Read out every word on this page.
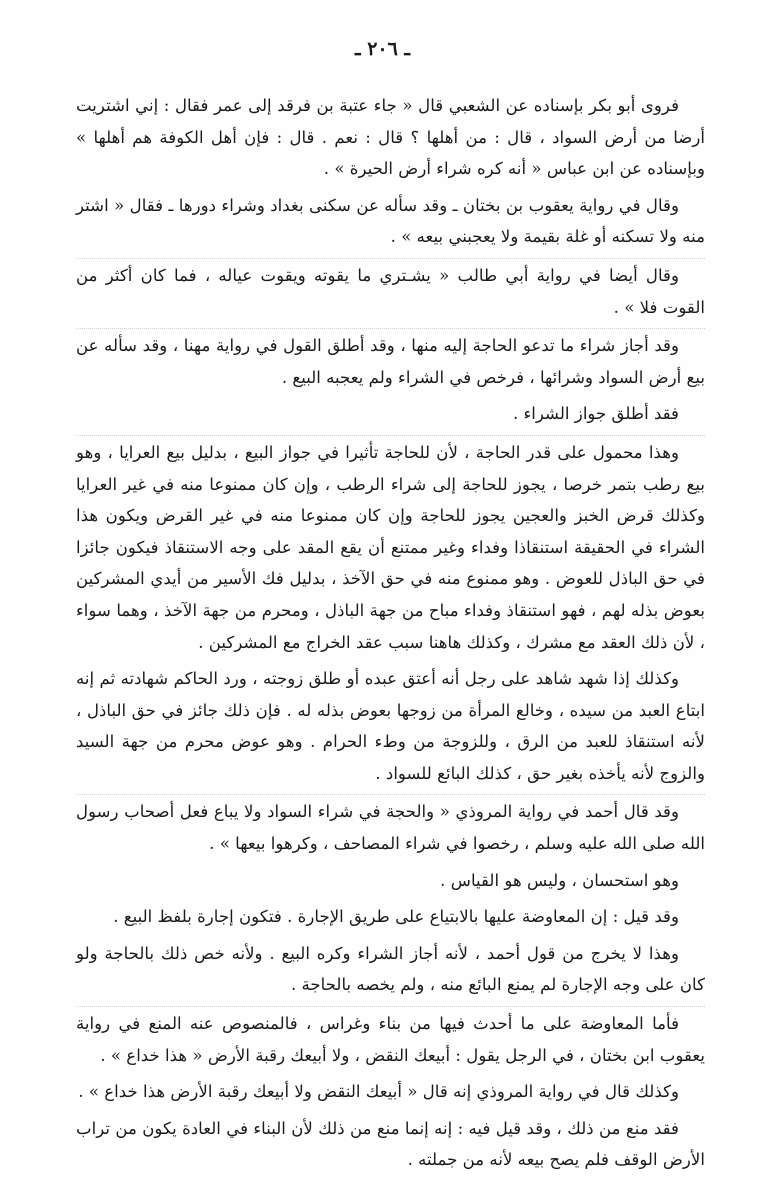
ـ ٢٠٦ ـ

فروى أبو بكر بإسناده عن الشعبي قال « جاء عتبة بن فرقد إلى عمر فقال : إني اشتريت أرضا من أرض السواد ، قال : من أهلها ؟ قال : نعم . قال : فإن أهل الكوفة هم أهلها » وبإسناده عن ابن عباس « أنه كره شراء أرض الحيرة » .

وقال في رواية يعقوب بن بختان ـ وقد سأله عن سكنى بغداد وشراء دورها ـ فقال « اشتر منه ولا تسكنه أو غلة بقيمة ولا يعجبني بيعه » .

وقال أيضا في رواية أبي طالب « يشـتري ما يقوته ويقوت عياله ، فما كان أكثر من القوت فلا » .

وقد أجاز شراء ما تدعو الحاجة إليه منها ، وقد أطلق القول في رواية مهنا ، وقد سأله عن بيع أرض السواد وشرائها ، فرخص في الشراء ولم يعجبه البيع .

فقد أطلق جواز الشراء .

وهذا محمول على قدر الحاجة ، لأن للحاجة تأثيرا في جواز البيع ، بدليل بيع العرايا ، وهو بيع رطب بتمر خرصا ، يجوز للحاجة إلى شراء الرطب ، وإن كان ممنوعا منه في غير العرايا وكذلك قرض الخبز والعجين يجوز للحاجة وإن كان ممنوعا منه في غير القرض ويكون هذا الشراء في الحقيقة استنقاذا وفداء وغير ممتنع أن يقع المقد على وجه الاستنقاذ فيكون جائزا في حق الباذل للعوض . وهو ممنوع منه في حق الآخذ ، بدليل فك الأسير من أيدي المشركين بعوض بذله لهم ، فهو استنقاذ وفداء مباح من جهة الباذل ، ومحرم من جهة الآخذ ، وهما سواء ، لأن ذلك العقد مع مشرك ، وكذلك هاهنا سبب عقد الخراج مع المشركين .

وكذلك إذا شهد شاهد على رجل أنه أعتق عبده أو طلق زوجته ، ورد الحاكم شهادته ثم إنه ابتاع العبد من سيده ، وخالع المرأة من زوجها بعوض بذله له . فإن ذلك جائز في حق الباذل ، لأنه استنقاذ للعبد من الرق ، وللزوجة من وطء الحرام . وهو عوض محرم من جهة السيد والزوج لأنه يأخذه بغير حق ، كذلك البائع للسواد .

وقد قال أحمد في رواية المروذي « والحجة في شراء السواد ولا يباع فعل أصحاب رسول الله صلى الله عليه وسلم ، رخصوا في شراء المصاحف ، وكرهوا بيعها » .

وهو استحسان ، وليس هو القياس .

وقد قيل : إن المعاوضة عليها بالابتياع على طريق الإجارة . فتكون إجارة بلفظ البيع .

وهذا لا يخرج من قول أحمد ، لأنه أجاز الشراء وكره البيع . ولأنه خص ذلك بالحاجة ولو كان على وجه الإجارة لم يمنع البائع منه ، ولم يخصه بالحاجة .

فأما المعاوضة على ما أحدث فيها من بناء وغراس ، فالمنصوص عنه المنع في رواية يعقوب ابن بختان ، في الرجل يقول : أبيعك النقض ، ولا أبيعك رقبة الأرض « هذا خداع » .

وكذلك قال في رواية المروذي إنه قال « أبيعك النقض ولا أبيعك رقبة الأرض هذا خداع » .

فقد منع من ذلك ، وقد قيل فيه : إنه إنما منع من ذلك لأن البناء في العادة يكون من تراب الأرض الوقف فلم يصح بيعه لأنه من جملته .
